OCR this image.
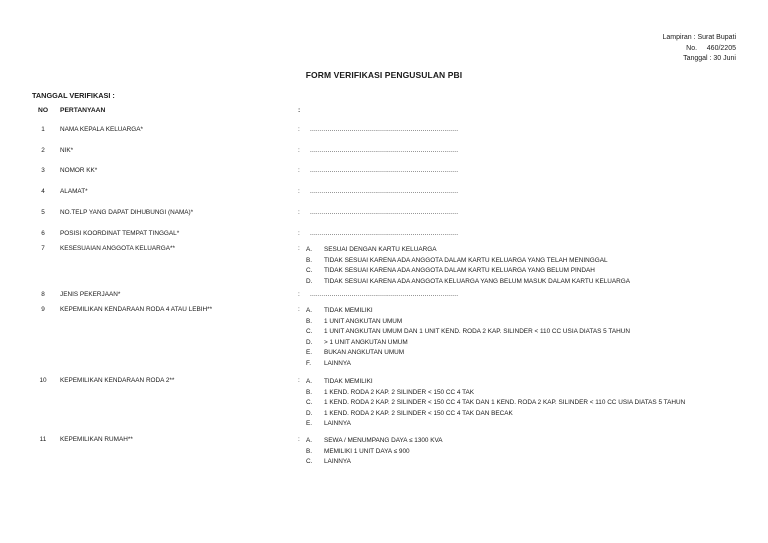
Lampiran : Surat Bupati
No.     460/2205
Tanggal : 30 Juni
FORM VERIFIKASI PENGUSULAN PBI
TANGGAL VERIFIKASI :
NO	PERTANYAAN	:
1	NAMA KEPALA KELUARGA*	: ...........................................................................
2	NIK*	: ...........................................................................
3	NOMOR KK*	: ...........................................................................
4	ALAMAT*	: ...........................................................................
5	NO.TELP YANG DAPAT DIHUBUNGI (NAMA)*	: ...........................................................................
6	POSISI KOORDINAT TEMPAT TINGGAL*	: ...........................................................................
7	KESESUAIAN ANGGOTA KELUARGA**	: A. SESUAI DENGAN KARTU KELUARGA
B. TIDAK SESUAI KARENA ADA ANGGOTA DALAM KARTU KELUARGA YANG TELAH MENINGGAL
C. TIDAK SESUAI KARENA ADA ANGGOTA DALAM KARTU KELUARGA YANG BELUM PINDAH
D. TIDAK SESUAI KARENA ADA ANGGOTA KELUARGA YANG BELUM MASUK DALAM KARTU KELUARGA
8	JENIS PEKERJAAN*	: ...........................................................................
9	KEPEMILIKAN KENDARAAN RODA 4 ATAU LEBIH**	: A. TIDAK MEMILIKI
B. 1 UNIT ANGKUTAN UMUM
C. 1 UNIT ANGKUTAN UMUM DAN 1 UNIT KEND. RODA 2 KAP. SILINDER < 110 CC USIA DIATAS 5 TAHUN
D. > 1 UNIT ANGKUTAN UMUM
E. BUKAN ANGKUTAN UMUM
F. LAINNYA
10	KEPEMILIKAN KENDARAAN RODA 2**	: A. TIDAK MEMILIKI
B. 1 KEND. RODA 2 KAP. 2 SILINDER < 150 CC 4 TAK
C. 1 KEND. RODA 2 KAP. 2 SILINDER < 150 CC 4 TAK DAN 1 KEND. RODA 2 KAP. SILINDER < 110 CC USIA DIATAS 5 TAHUN
D. 1 KEND. RODA 2 KAP. 2 SILINDER < 150 CC 4 TAK DAN BECAK
E. LAINNYA
11	KEPEMILIKAN RUMAH**	: A. SEWA / MENUMPANG DAYA ≤ 1300 KVA
B. MEMILIKI 1 UNIT DAYA ≤ 900
C. LAINNYA
